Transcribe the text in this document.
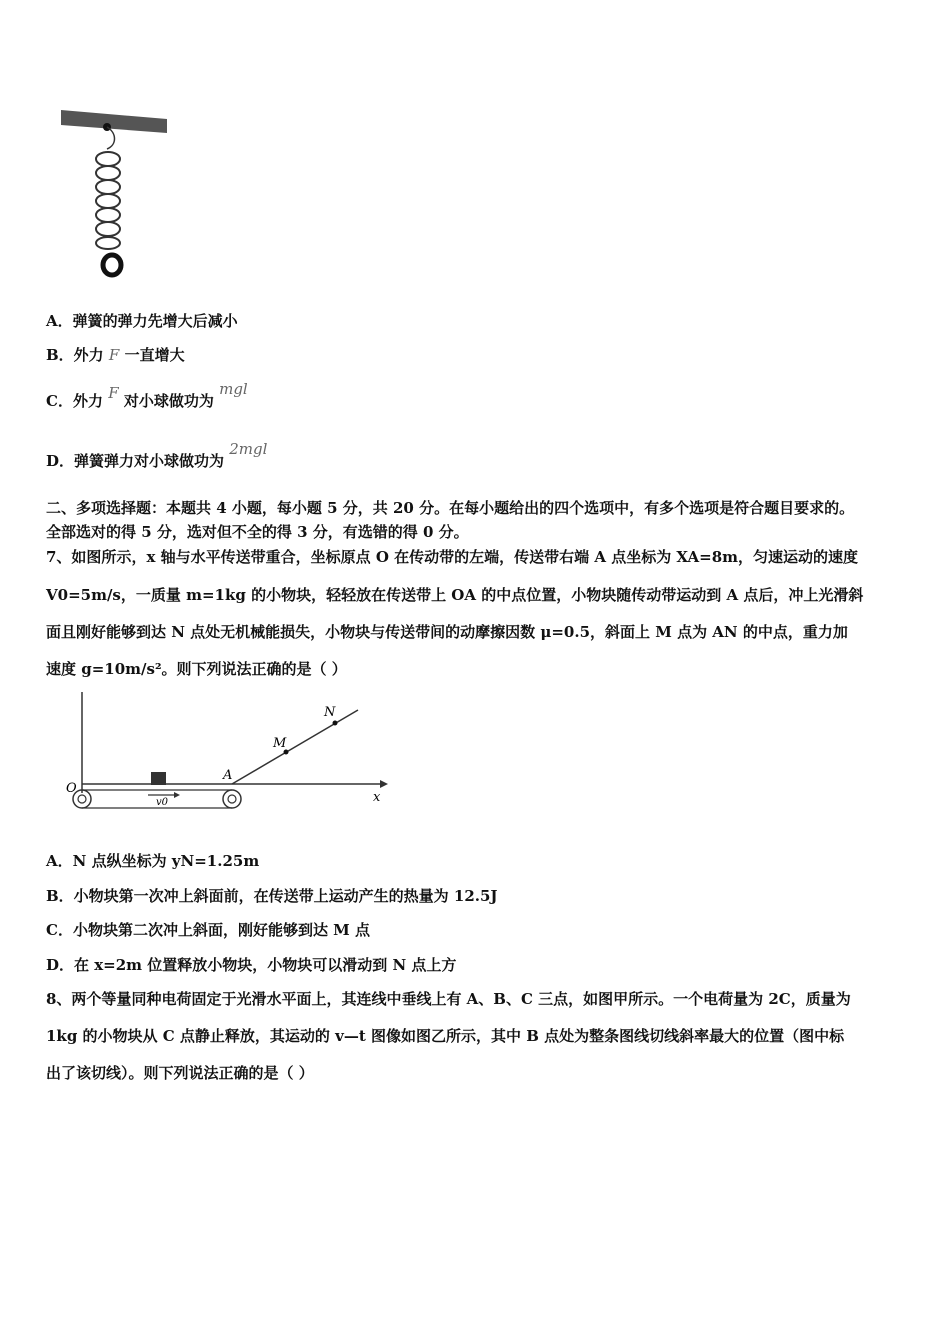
A．弹簧的弹力先增大后减小
B．外力 F 一直增大
C．外力 F 对小球做功为 mgl
D．弹簧弹力对小球做功为 2mgl
二、多项选择题：本题共 4 小题，每小题 5 分，共 20 分。在每小题给出的四个选项中，有多个选项是符合题目要求的。
全部选对的得 5 分，选对但不全的得 3 分，有选错的得 0 分。
7、如图所示，x 轴与水平传送带重合，坐标原点 O 在传动带的左端，传送带右端 A 点坐标为 XA=8m，匀速运动的速度
V0=5m/s，一质量 m=1kg 的小物块，轻轻放在传送带上 OA 的中点位置，小物块随传动带运动到 A 点后，冲上光滑斜
面且刚好能够到达 N 点处无机械能损失，小物块与传送带间的动摩擦因数 μ=0.5，斜面上 M 点为 AN 的中点，重力加
速度 g=10m/s²。则下列说法正确的是（ ）
O
A
M
N
x
v0
A．N 点纵坐标为 yN=1.25m
B．小物块第一次冲上斜面前，在传送带上运动产生的热量为 12.5J
C．小物块第二次冲上斜面，刚好能够到达 M 点
D．在 x=2m 位置释放小物块，小物块可以滑动到 N 点上方
8、两个等量同种电荷固定于光滑水平面上，其连线中垂线上有 A、B、C 三点，如图甲所示。一个电荷量为 2C，质量为
1kg 的小物块从 C 点静止释放，其运动的 v—t 图像如图乙所示，其中 B 点处为整条图线切线斜率最大的位置（图中标
出了该切线）。则下列说法正确的是（ ）
